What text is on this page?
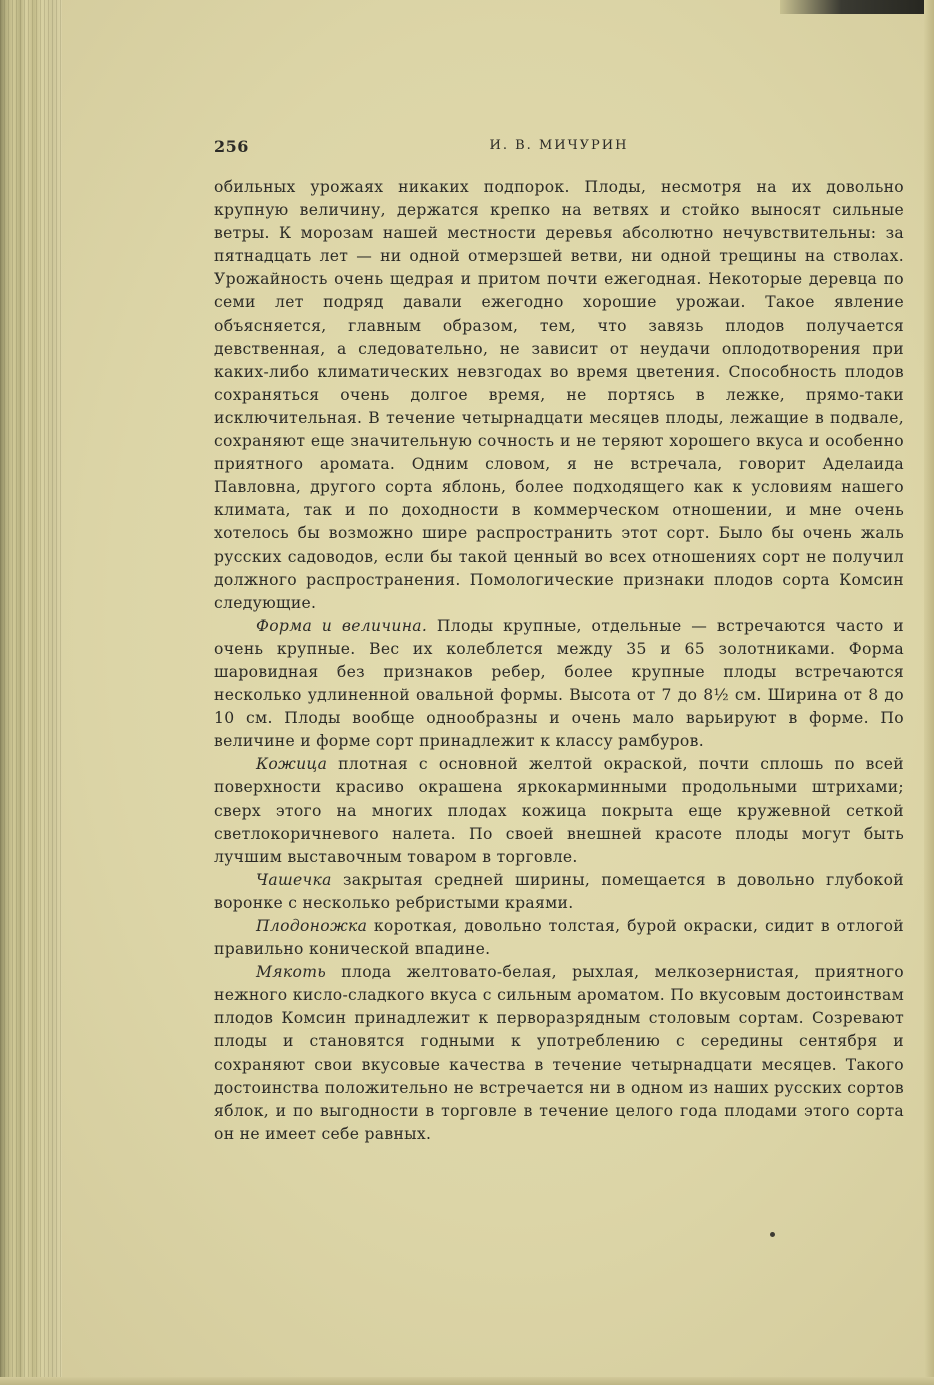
256	И. В. МИЧУРИН

обильных урожаях никаких подпорок. Плоды, несмотря на их довольно крупную величину, держатся крепко на ветвях и стойко выносят сильные ветры. К морозам нашей местности деревья абсолютно нечувствительны: за пятнадцать лет — ни одной отмерзшей ветви, ни одной трещины на стволах. Урожайность очень щедрая и притом почти ежегодная. Некоторые деревца по семи лет подряд давали ежегодно хорошие урожаи. Такое явление объясняется, главным образом, тем, что завязь плодов получается девственная, а следовательно, не зависит от неудачи оплодотворения при каких-либо климатических невзгодах во время цветения. Способность плодов сохраняться очень долгое время, не портясь в лежке, прямо-таки исключительная. В течение четырнадцати месяцев плоды, лежащие в подвале, сохраняют еще значительную сочность и не теряют хорошего вкуса и особенно приятного аромата. Одним словом, я не встречала, говорит Аделаида Павловна, другого сорта яблонь, более подходящего как к условиям нашего климата, так и по доходности в коммерческом отношении, и мне очень хотелось бы возможно шире распространить этот сорт. Было бы очень жаль русских садоводов, если бы такой ценный во всех отношениях сорт не получил должного распространения. Помологические признаки плодов сорта Комсин следующие.

Форма и величина. Плоды крупные, отдельные — встречаются часто и очень крупные. Вес их колеблется между 35 и 65 золотниками. Форма шаровидная без признаков ребер, более крупные плоды встречаются несколько удлиненной овальной формы. Высота от 7 до 8½ см. Ширина от 8 до 10 см. Плоды вообще однообразны и очень мало варьируют в форме. По величине и форме сорт принадлежит к классу рамбуров.

Кожица плотная с основной желтой окраской, почти сплошь по всей поверхности красиво окрашена яркокарминными продольными штрихами; сверх этого на многих плодах кожица покрыта еще кружевной сеткой светлокоричневого налета. По своей внешней красоте плоды могут быть лучшим выставочным товаром в торговле.

Чашечка закрытая средней ширины, помещается в довольно глубокой воронке с несколько ребристыми краями.

Плодоножка короткая, довольно толстая, бурой окраски, сидит в отлогой правильно конической впадине.

Мякоть плода желтовато-белая, рыхлая, мелкозернистая, приятного нежного кисло-сладкого вкуса с сильным ароматом. По вкусовым достоинствам плодов Комсин принадлежит к перворазрядным столовым сортам. Созревают плоды и становятся годными к употреблению с середины сентября и сохраняют свои вкусовые качества в течение четырнадцати месяцев. Такого достоинства положительно не встречается ни в одном из наших русских сортов яблок, и по выгодности в торговле в течение целого года плодами этого сорта он не имеет себе равных.
